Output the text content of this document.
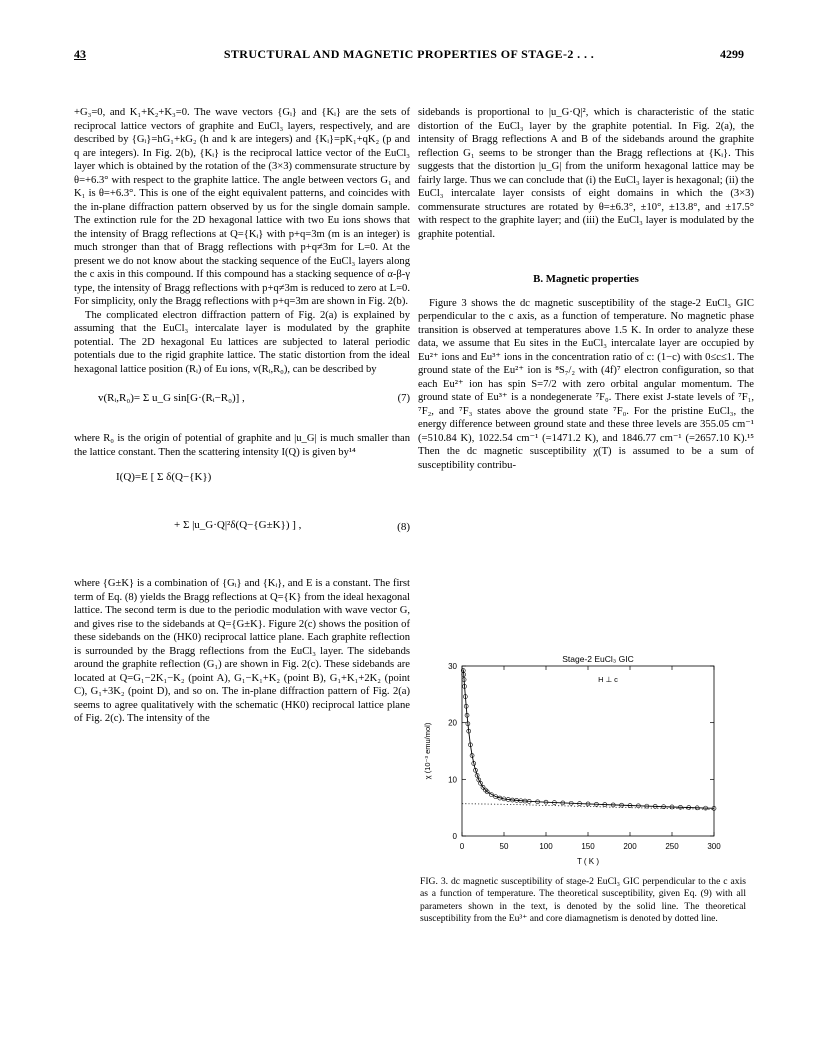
43	STRUCTURAL AND MAGNETIC PROPERTIES OF STAGE-2 . . .	4299

+G₃=0, and K₁+K₂+K₃=0. The wave vectors {Gᵢ} and {Kᵢ} are the sets of reciprocal lattice vectors of graphite and EuCl₃ layers, respectively, and are described by {Gᵢ}=hG₁+kG₂ (h and k are integers) and {Kᵢ}=pK₁+qK₂ (p and q are integers). In Fig. 2(b), {Kᵢ} is the reciprocal lattice vector of the EuCl₃ layer which is obtained by the rotation of the (3×3) commensurate structure by θ=+6.3° with respect to the graphite lattice. The angle between vectors G₁ and K₁ is θ=+6.3°. This is one of the eight equivalent patterns, and coincides with the in-plane diffraction pattern observed by us for the single domain sample. The extinction rule for the 2D hexagonal lattice with two Eu ions shows that the intensity of Bragg reflections at Q={Kᵢ} with p+q=3m (m is an integer) is much stronger than that of Bragg reflections with p+q≠3m for L=0. At the present we do not know about the stacking sequence of the EuCl₃ layers along the c axis in this compound. If this compound has a stacking sequence of α-β-γ type, the intensity of Bragg reflections with p+q≠3m is reduced to zero at L=0. For simplicity, only the Bragg reflections with p+q=3m are shown in Fig. 2(b).

The complicated electron diffraction pattern of Fig. 2(a) is explained by assuming that the EuCl₃ intercalate layer is modulated by the graphite potential. The 2D hexagonal Eu lattices are subjected to lateral periodic potentials due to the rigid graphite lattice. The static distortion from the ideal hexagonal lattice position (Rᵢ) of Eu ions, v(Rᵢ,R₀), can be described by

v(Rᵢ,R₀)= Σ u_G sin[G·(Rᵢ−R₀)] ,	(7)

where R₀ is the origin of potential of graphite and |u_G| is much smaller than the lattice constant. Then the scattering intensity I(Q) is given by¹⁴

I(Q)=E [ Σ δ(Q−{K})
+ Σ |u_G·Q|²δ(Q−{G±K}) ] ,	(8)

where {G±K} is a combination of {Gᵢ} and {Kᵢ}, and E is a constant. The first term of Eq. (8) yields the Bragg reflections at Q={K} from the ideal hexagonal lattice. The second term is due to the periodic modulation with wave vector G, and gives rise to the sidebands at Q={G±K}. Figure 2(c) shows the position of these sidebands on the (HK0) reciprocal lattice plane. Each graphite reflection is surrounded by the Bragg reflections from the EuCl₃ layer. The sidebands around the graphite reflection (G₁) are shown in Fig. 2(c). These sidebands are located at Q=G₁−2K₁−K₂ (point A), G₁−K₁+K₂ (point B), G₁+K₁+2K₂ (point C), G₁+3K₂ (point D), and so on. The in-plane diffraction pattern of Fig. 2(a) seems to agree qualitatively with the schematic (HK0) reciprocal lattice plane of Fig. 2(c). The intensity of the

sidebands is proportional to |u_G·Q|², which is characteristic of the static distortion of the EuCl₃ layer by the graphite potential. In Fig. 2(a), the intensity of Bragg reflections A and B of the sidebands around the graphite reflection G₁ seems to be stronger than the Bragg reflections at {Kᵢ}. This suggests that the distortion |u_G| from the uniform hexagonal lattice may be fairly large. Thus we can conclude that (i) the EuCl₃ layer is hexagonal; (ii) the EuCl₃ intercalate layer consists of eight domains in which the (3×3) commensurate structures are rotated by θ=±6.3°, ±10°, ±13.8°, and ±17.5° with respect to the graphite layer; and (iii) the EuCl₃ layer is modulated by the graphite potential.

B. Magnetic properties

Figure 3 shows the dc magnetic susceptibility of the stage-2 EuCl₃ GIC perpendicular to the c axis, as a function of temperature. No magnetic phase transition is observed at temperatures above 1.5 K. In order to analyze these data, we assume that Eu sites in the EuCl₃ intercalate layer are occupied by Eu²⁺ ions and Eu³⁺ ions in the concentration ratio of c: (1−c) with 0≤c≤1. The ground state of the Eu²⁺ ion is ⁸S₇/₂ with (4f)⁷ electron configuration, so that each Eu²⁺ ion has spin S=7/2 with zero orbital angular momentum. The ground state of Eu³⁺ is a nondegenerate ⁷F₀. There exist J-state levels of ⁷F₁, ⁷F₂, and ⁷F₃ states above the ground state ⁷F₀. For the pristine EuCl₃, the energy difference between ground state and these three levels are 355.05 cm⁻¹ (=510.84 K), 1022.54 cm⁻¹ (=1471.2 K), and 1846.77 cm⁻¹ (=2657.10 K).¹⁵ Then the dc magnetic susceptibility χ(T) is assumed to be a sum of susceptibility contribu-

0	50	100	150	200	250	300
0
10
20
30
T ( K )
χ (10⁻³ emu/mol)
Stage-2 EuCl₃ GIC
H ⊥ c
FIG. 3. dc magnetic susceptibility of stage-2 EuCl₃ GIC perpendicular to the c axis as a function of temperature. The theoretical susceptibility, given Eq. (9) with all parameters shown in the text, is denoted by the solid line. The theoretical susceptibility from the Eu³⁺ and core diamagnetism is denoted by dotted line.
